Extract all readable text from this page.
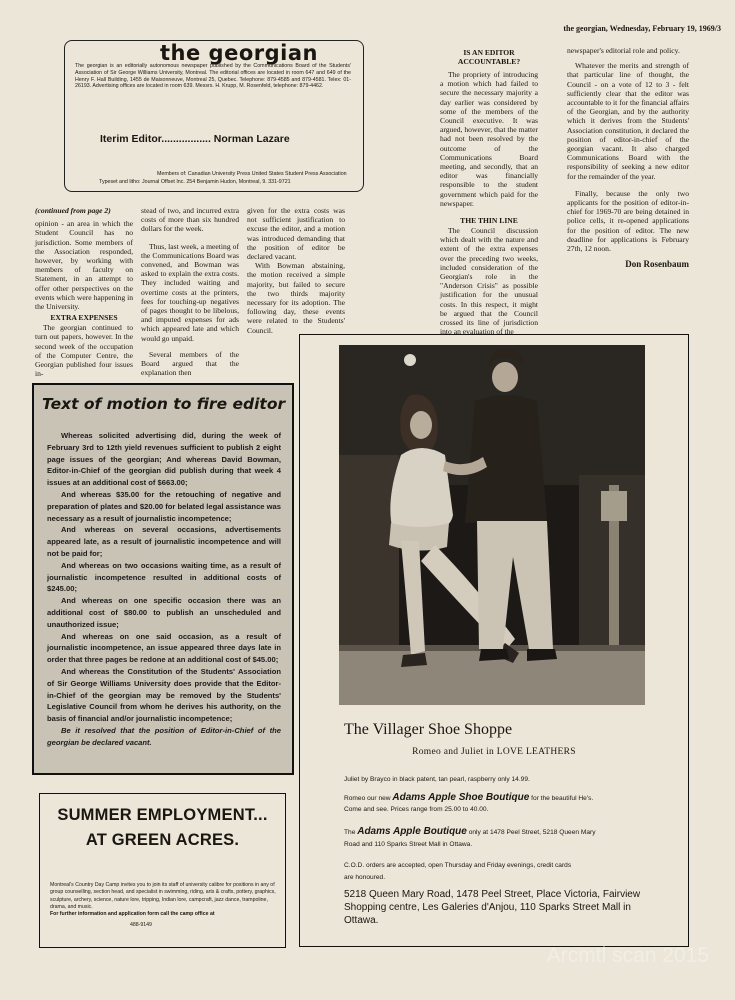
the georgian, Wednesday, February 19, 1969/3
the georgian
The georgian is an editorially autonomous newspaper published by the Communications Board of the Students' Association of Sir George Williams University, Montreal. The editorial offices are located in room 647 and 649 of the Henry F. Hall Building, 1455 de Maisonneuve, Montreal 25, Quebec. Telephone: 879-4585 and 879-4581. Telex: 01-26193. Advertising offices are located in room 639. Messrs. H. Krupp, M. Rosenfeld, telephone: 879-4462.
Iterim Editor................. Norman Lazare
Members of: Canadian University Press United States Student Press Association
Typeset and litho: Journal Offset Inc. 254 Benjamin Hudon, Montreal, 9. 331-9721
(continued from page 2)
opinion - an area in which the Student Council has no jurisdiction. Some members of the Association responded, however, by working with members of faculty on Statement, in an attempt to offer other perspectives on the events which were happening in the University.
EXTRA EXPENSES
The georgian continued to turn out papers, however. In the second week of the occupation of the Computer Centre, the Georgian published four issues in-
stead of two, and incurred extra costs of more than six hundred dollars for the week.
Thus, last week, a meeting of the Communications Board was convened, and Bowman was asked to explain the extra costs. They included waiting and overtime costs at the printers, fees for touching-up negatives of pages thought to be libelous, and imputed expenses for ads which appeared late and which would go unpaid.
Several members of the Board argued that the explanation then
given for the extra costs was not sufficient justification to excuse the editor, and a motion was introduced demanding that the position of editor be declared vacant.
With Bowman abstaining, the motion received a simple majority, but failed to secure the two thirds majority necessary for its adoption. The following day, these events were related to the Students' Council.
IS AN EDITOR ACCOUNTABLE?
The propriety of introducing a motion which had failed to secure the necessary majority a day earlier was considered by some of the members of the Council executive. It was argued, however, that the matter had not been resolved by the outcome of the Communications Board meeting, and secondly, that an editor was financially responsible to the student government which paid for the newspaper.
THE THIN LINE
The Council discussion which dealt with the nature and extent of the extra expenses over the preceding two weeks, included consideration of the Georgian's role in the "Anderson Crisis" as possible justification for the unusual costs. In this respect, it might be argued that the Council crossed its line of jurisdiction into an evaluation of the
newspaper's editorial role and policy.
Whatever the merits and strength of that particular line of thought, the Council - on a vote of 12 to 3 - felt sufficiently clear that the editor was accountable to it for the financial affairs of the Georgian, and by the authority which it derives from the Students' Association constitution, it declared the position of editor-in-chief of the georgian vacant. It also charged Communications Board with the responsibility of seeking a new editor for the remainder of the year.
Finally, because the only two applicants for the position of editor-in-chief for 1969-70 are being detained in police cells, it re-opened applications for the position of editor. The new deadline for applications is February 27th, 12 noon.
Don Rosenbaum
Text of motion to fire editor

Whereas solicited advertising did, during the week of February 3rd to 12th yield revenues sufficient to publish 2 eight page issues of the georgian; And whereas David Bowman, Editor-in-Chief of the georgian did publish during that week 4 issues at an additional cost of $663.00;

And whereas $35.00 for the retouching of negative and preparation of plates and $20.00 for belated legal assistance was necessary as a result of journalistic incompetence;

And whereas on several occasions, advertisements appeared late, as a result of journalistic incompetence and will not be paid for;

And whereas on two occasions waiting time, as a result of journalistic incompetence resulted in additional costs of $245.00;

And whereas on one specific occasion there was an additional cost of $80.00 to publish an unscheduled and unauthorized issue;

And whereas on one said occasion, as a result of journalistic incompetence, an issue appeared three days late in order that three pages be redone at an additional cost of $45.00;

And whereas the Constitution of the Students' Association of Sir George Williams University does provide that the Editor-in-Chief of the georgian may be removed by the Students' Legislative Council from whom he derives his authority, on the basis of financial and/or journalistic incompetence;

Be it resolved that the position of Editor-in-Chief of the georgian be declared vacant.

SUMMER EMPLOYMENT...
AT GREEN ACRES.
Montreal's Country Day Camp invites you to join its staff of university calibre for positions in any of group counselling, section head, and specialist in swimming, riding, arts & crafts, pottery, graphics, sculpture, archery, science, nature lore, tripping, Indian lore, campcraft, jazz dance, trampoline, drama, and music.
For further information and application form call the camp office at
488-9149
The Villager Shoe Shoppe
Romeo and Juliet in LOVE LEATHERS
Juliet by Brayco in black patent, tan pearl, raspberry only 14.99.
Romeo our new Adams Apple Shoe Boutique for the beautiful He's.
Come and see. Prices range from 25.00 to 40.00.
The Adams Apple Boutique only at 1478 Peel Street, 5218 Queen Mary
Road and 110 Sparks Street Mall in Ottawa.
C.O.D. orders are accepted, open Thursday and Friday evenings, credit cards
are honoured.
5218 Queen Mary Road, 1478 Peel Street, Place Victoria, Fairview Shopping centre, Les Galeries d'Anjou, 110 Sparks Street Mall in Ottawa.
Arcmtl scan 2015
